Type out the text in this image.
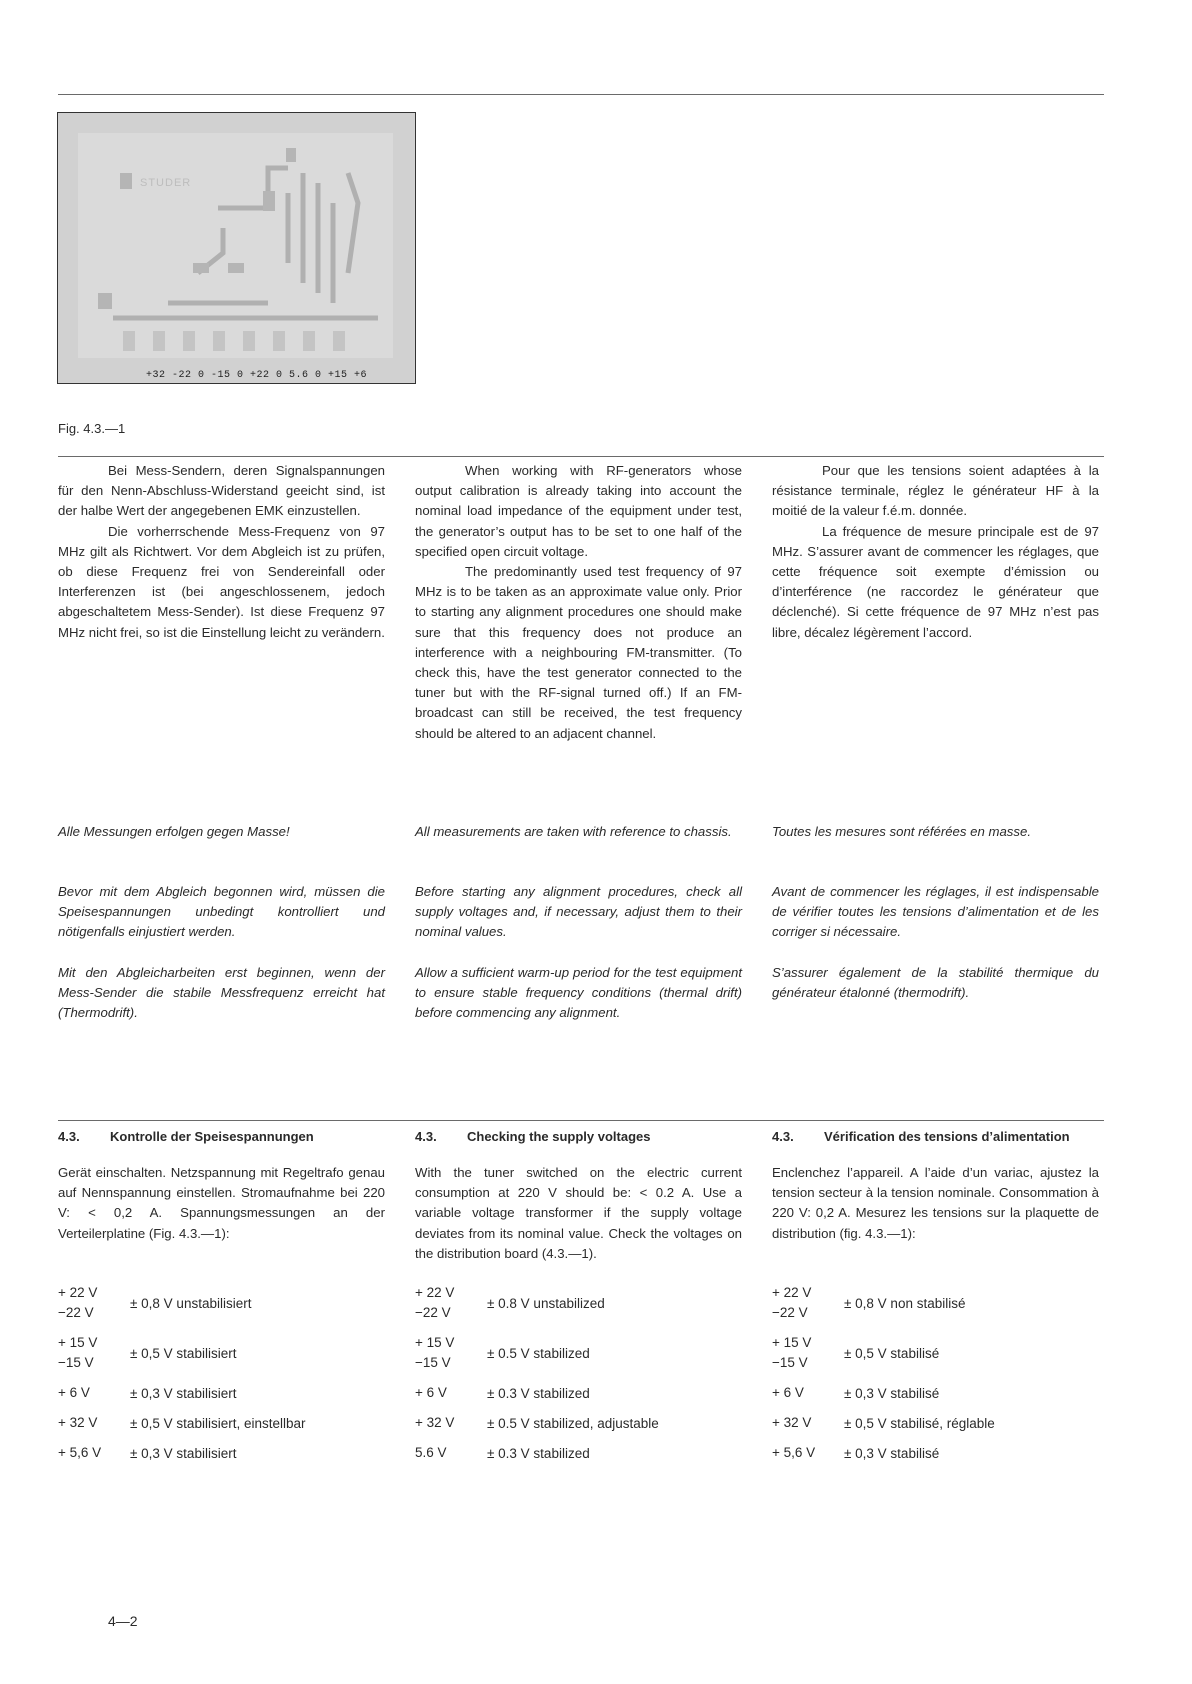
STUDER
+32 -22 0 -15 0 +22 0 5.6 0 +15 +6
Fig. 4.3.—1

Bei Mess-Sendern, deren Signalspannungen für den Nenn-Abschluss-Widerstand geeicht sind, ist der halbe Wert der angegebenen EMK einzustellen.

Die vorherrschende Mess-Frequenz von 97 MHz gilt als Richtwert. Vor dem Abgleich ist zu prüfen, ob diese Frequenz frei von Sendereinfall oder Interferenzen ist (bei angeschlossenem, jedoch abgeschaltetem Mess-Sender). Ist diese Frequenz 97 MHz nicht frei, so ist die Einstellung leicht zu verändern.

Alle Messungen erfolgen gegen Masse!

Bevor mit dem Abgleich begonnen wird, müssen die Speisespannungen unbedingt kontrolliert und nötigenfalls einjustiert werden.

Mit den Abgleicharbeiten erst beginnen, wenn der Mess-Sender die stabile Messfrequenz erreicht hat (Thermodrift).

When working with RF-generators whose output calibration is already taking into account the nominal load impedance of the equipment under test, the generator’s output has to be set to one half of the specified open circuit voltage.

The predominantly used test frequency of 97 MHz is to be taken as an approximate value only. Prior to starting any alignment procedures one should make sure that this frequency does not produce an interference with a neighbouring FM-transmitter. (To check this, have the test generator connected to the tuner but with the RF-signal turned off.) If an FM-broadcast can still be received, the test frequency should be altered to an adjacent channel.

All measurements are taken with reference to chassis.

Before starting any alignment procedures, check all supply voltages and, if necessary, adjust them to their nominal values.

Allow a sufficient warm-up period for the test equipment to ensure stable frequency conditions (thermal drift) before commencing any alignment.

Pour que les tensions soient adaptées à la résistance terminale, réglez le générateur HF à la moitié de la valeur f.é.m. donnée.

La fréquence de mesure principale est de 97 MHz. S’assurer avant de commencer les réglages, que cette fréquence soit exempte d’émission ou d’interférence (ne raccordez le générateur que déclenché). Si cette fréquence de 97 MHz n’est pas libre, décalez légèrement l’accord.

Toutes les mesures sont référées en masse.

Avant de commencer les réglages, il est indispensable de vérifier toutes les tensions d’alimentation et de les corriger si nécessaire.

S’assurer également de la stabilité thermique du générateur étalonné (thermodrift).

4.3. Kontrolle der Speisespannungen	4.3. Checking the supply voltages	4.3. Vérification des tensions d’alimentation

Gerät einschalten. Netzspannung mit Regeltrafo genau auf Nennspannung einstellen. Stromaufnahme bei 220 V: < 0,2 A. Spannungsmessungen an der Verteilerplatine (Fig. 4.3.—1):

With the tuner switched on the electric current consumption at 220 V should be: < 0.2 A. Use a variable voltage transformer if the supply voltage deviates from its nominal value. Check the voltages on the distribution board (4.3.—1).

Enclenchez l’appareil. A l’aide d’un variac, ajustez la tension secteur à la tension nominale. Consommation à 220 V: 0,2 A. Mesurez les tensions sur la plaquette de distribution (fig. 4.3.—1):

+ 22 V
−22 V	± 0,8 V unstabilisiert

+ 15 V
−15 V	± 0,5 V stabilisiert
+ 6 V	± 0,3 V stabilisiert
+ 32 V	± 0,5 V stabilisiert, einstellbar
+ 5,6 V	± 0,3 V stabilisiert
+ 22 V
−22 V	± 0.8 V unstabilized

+ 15 V
−15 V	± 0.5 V stabilized
+ 6 V	± 0.3 V stabilized
+ 32 V	± 0.5 V stabilized, adjustable
5.6 V	± 0.3 V stabilized
+ 22 V
−22 V	± 0,8 V non stabilisé

+ 15 V
−15 V	± 0,5 V stabilisé
+ 6 V	± 0,3 V stabilisé
+ 32 V	± 0,5 V stabilisé, réglable
+ 5,6 V	± 0,3 V stabilisé
4—2
